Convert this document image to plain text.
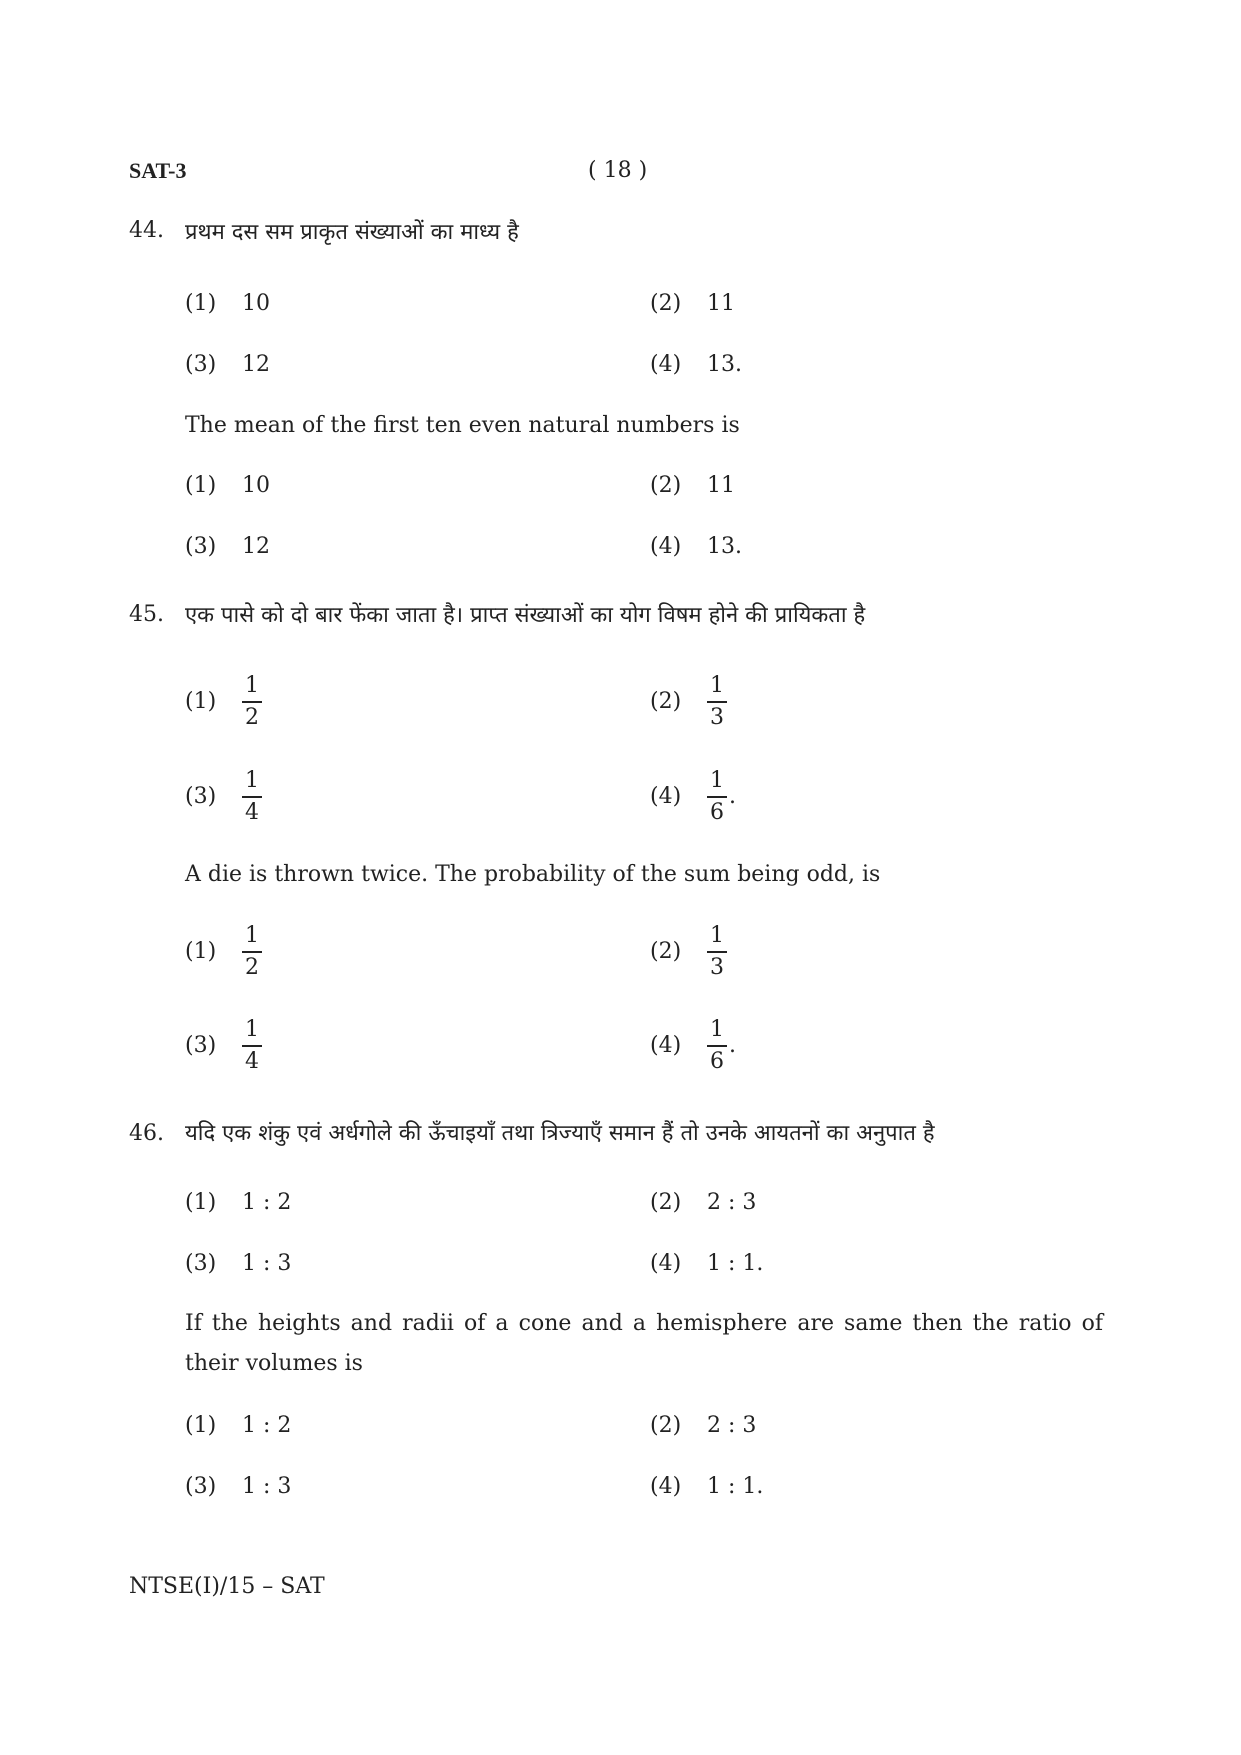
SAT-3	( 18 )
44. प्रथम दस सम प्राकृत संख्याओं का माध्य है
(1) 10	(2) 11
(3) 12	(4) 13.
The mean of the first ten even natural numbers is
(1) 10	(2) 11
(3) 12	(4) 13.
45. एक पासे को दो बार फेंका जाता है। प्राप्त संख्याओं का योग विषम होने की प्रायिकता है
(1)	$\frac{1}{2}$	(2)	$\frac{1}{3}$
(3)	$\frac{1}{4}$	(4)	$\frac{1}{6}$ .
A die is thrown twice. The probability of the sum being odd, is
(1)	$\frac{1}{2}$	(2)	$\frac{1}{3}$
(3)	$\frac{1}{4}$	(4)	$\frac{1}{6}$ .
46. यदि एक शंकु एवं अर्धगोले की ऊँचाइयाँ तथा त्रिज्याएँ समान हैं तो उनके आयतनों का अनुपात है
(1) 1 : 2	(2) 2 : 3
(3) 1 : 3	(4) 1 : 1.
If the heights and radii of a cone and a hemisphere are same then the ratio of
their volumes is
(1) 1 : 2	(2) 2 : 3
(3) 1 : 3	(4) 1 : 1.
NTSE(I)/15 – SAT
